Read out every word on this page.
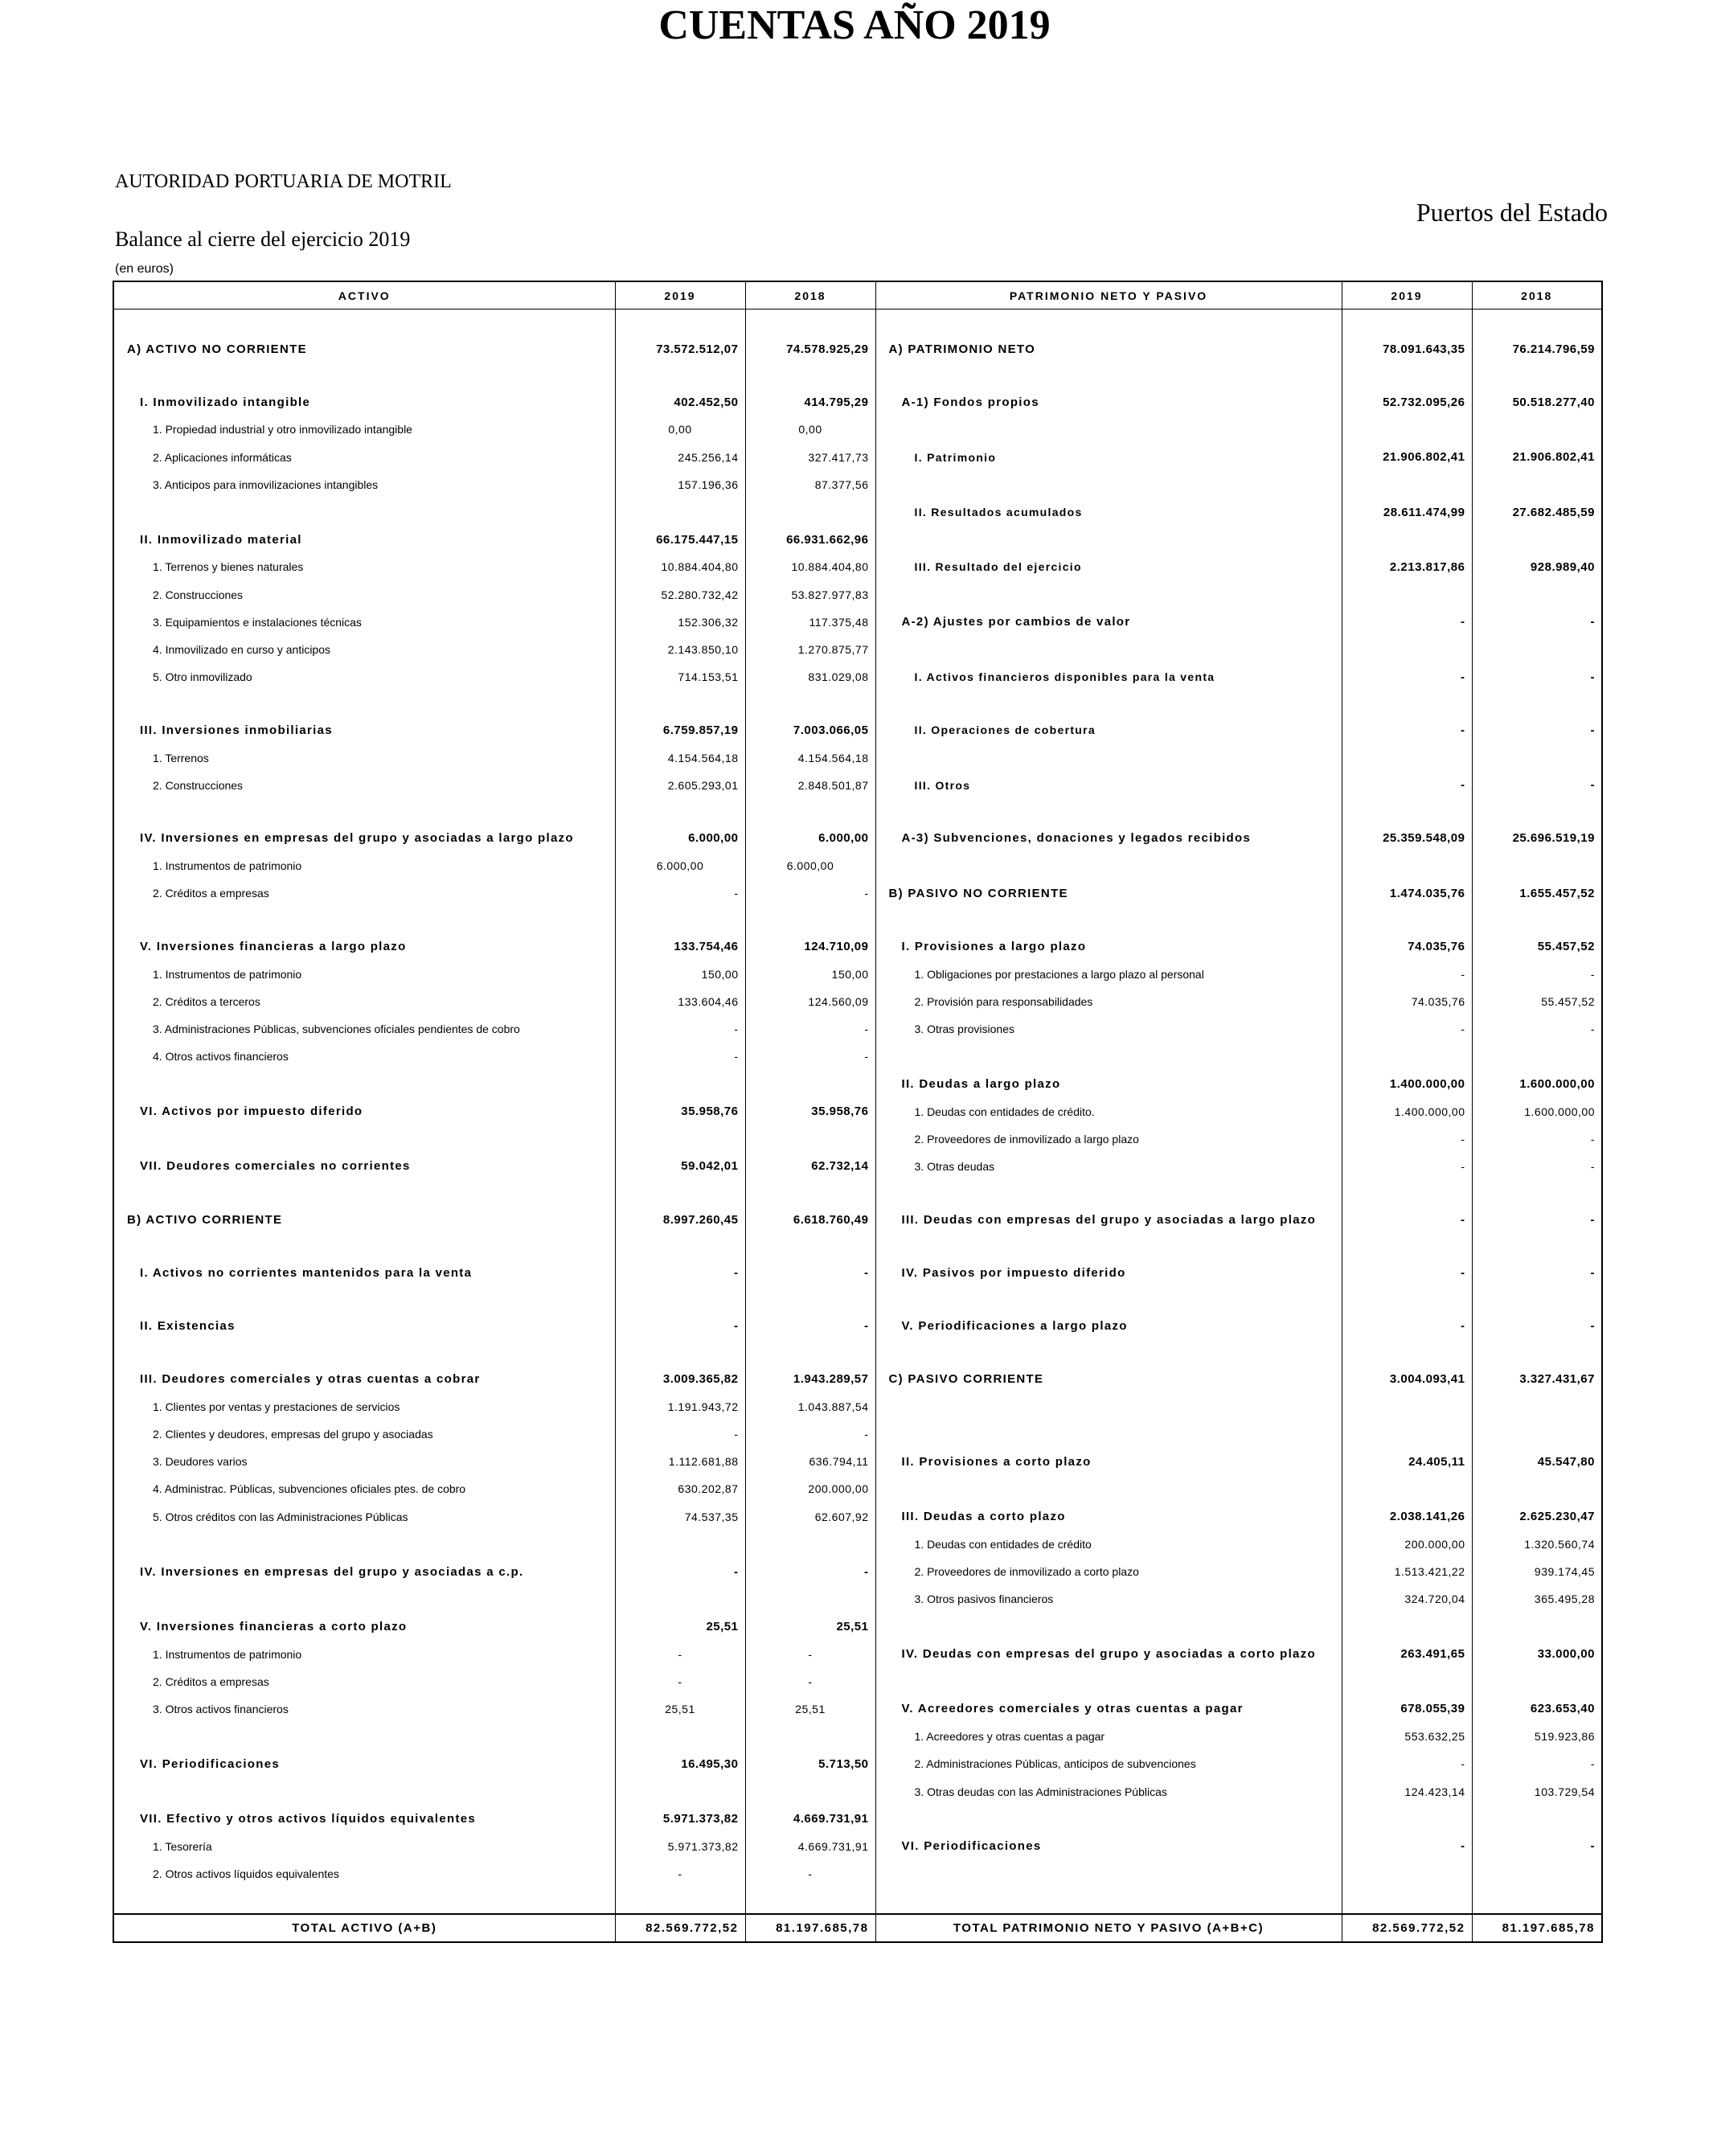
CUENTAS AÑO 2019
AUTORIDAD PORTUARIA DE MOTRIL
Puertos del Estado
Balance al cierre del ejercicio 2019
(en euros)
ACTIVO	2019	2018	PATRIMONIO NETO Y PASIVO	2019	2018

A) ACTIVO NO CORRIENTE	73.572.512,07	74.578.925,29	A) PATRIMONIO NETO	78.091.643,35	76.214.796,59

I. Inmovilizado intangible	402.452,50	414.795,29	A-1) Fondos propios	52.732.095,26	50.518.277,40
1. Propiedad industrial y otro inmovilizado intangible	0,00	0,00			
2. Aplicaciones informáticas	245.256,14	327.417,73	I. Patrimonio	21.906.802,41	21.906.802,41
3. Anticipos para inmovilizaciones intangibles	157.196,36	87.377,56			
			II. Resultados acumulados	28.611.474,99	27.682.485,59
II. Inmovilizado material	66.175.447,15	66.931.662,96			
1. Terrenos y bienes naturales	10.884.404,80	10.884.404,80	III. Resultado del ejercicio	2.213.817,86	928.989,40
2. Construcciones	52.280.732,42	53.827.977,83			
3. Equipamientos e instalaciones técnicas	152.306,32	117.375,48	A-2) Ajustes por cambios de valor	-	-
4. Inmovilizado en curso y anticipos	2.143.850,10	1.270.875,77			
5. Otro inmovilizado	714.153,51	831.029,08	I. Activos financieros disponibles para la venta	-	-

III. Inversiones inmobiliarias	6.759.857,19	7.003.066,05	II. Operaciones de cobertura	-	-
1. Terrenos	4.154.564,18	4.154.564,18			
2. Construcciones	2.605.293,01	2.848.501,87	III. Otros	-	-

IV. Inversiones en empresas del grupo y asociadas a largo plazo	6.000,00	6.000,00	A-3) Subvenciones, donaciones y legados recibidos	25.359.548,09	25.696.519,19
1. Instrumentos de patrimonio	6.000,00	6.000,00			
2. Créditos a empresas	-	-	B) PASIVO NO CORRIENTE	1.474.035,76	1.655.457,52

V. Inversiones financieras a largo plazo	133.754,46	124.710,09	I. Provisiones a largo plazo	74.035,76	55.457,52
1. Instrumentos de patrimonio	150,00	150,00	1. Obligaciones por prestaciones a largo plazo al personal	-	-
2. Créditos a terceros	133.604,46	124.560,09	2. Provisión para responsabilidades	74.035,76	55.457,52
3. Administraciones Públicas, subvenciones oficiales pendientes de cobro	-	-	3. Otras provisiones	-	-
4. Otros activos financieros	-	-			
			II. Deudas a largo plazo	1.400.000,00	1.600.000,00
VI. Activos por impuesto diferido	35.958,76	35.958,76	1. Deudas con entidades de crédito.	1.400.000,00	1.600.000,00
			2. Proveedores de inmovilizado a largo plazo	-	-
VII. Deudores comerciales no corrientes	59.042,01	62.732,14	3. Otras deudas	-	-

B) ACTIVO CORRIENTE	8.997.260,45	6.618.760,49	III. Deudas con empresas del grupo y asociadas a largo plazo	-	-

I. Activos no corrientes mantenidos para la venta	-	-	IV. Pasivos por impuesto diferido	-	-

II. Existencias	-	-	V. Periodificaciones a largo plazo	-	-

III. Deudores comerciales y otras cuentas a cobrar	3.009.365,82	1.943.289,57	C) PASIVO CORRIENTE	3.004.093,41	3.327.431,67
1. Clientes por ventas y prestaciones de servicios	1.191.943,72	1.043.887,54			
2. Clientes y deudores, empresas del grupo y asociadas	-	-			
3. Deudores varios	1.112.681,88	636.794,11	II. Provisiones a corto plazo	24.405,11	45.547,80
4. Administrac. Públicas, subvenciones oficiales ptes. de cobro	630.202,87	200.000,00			
5. Otros créditos con las Administraciones Públicas	74.537,35	62.607,92	III. Deudas a corto plazo	2.038.141,26	2.625.230,47
			1. Deudas con entidades de crédito	200.000,00	1.320.560,74
IV. Inversiones en empresas del grupo y asociadas a c.p.	-	-	2. Proveedores de inmovilizado a corto plazo	1.513.421,22	939.174,45
			3. Otros pasivos financieros	324.720,04	365.495,28
V. Inversiones financieras a corto plazo	25,51	25,51			
1. Instrumentos de patrimonio	-	-	IV. Deudas con empresas del grupo y asociadas a corto plazo	263.491,65	33.000,00
2. Créditos a empresas	-	-			
3. Otros activos financieros	25,51	25,51	V. Acreedores comerciales y otras cuentas a pagar	678.055,39	623.653,40
			1. Acreedores y otras cuentas a pagar	553.632,25	519.923,86
VI. Periodificaciones	16.495,30	5.713,50	2. Administraciones Públicas, anticipos de subvenciones	-	-
			3. Otras deudas con las Administraciones Públicas	124.423,14	103.729,54
VII. Efectivo y otros activos líquidos equivalentes	5.971.373,82	4.669.731,91			
1. Tesorería	5.971.373,82	4.669.731,91	VI. Periodificaciones	-	-
2. Otros activos líquidos equivalentes	-	-			

TOTAL ACTIVO (A+B)	82.569.772,52	81.197.685,78	TOTAL PATRIMONIO NETO Y PASIVO (A+B+C)	82.569.772,52	81.197.685,78
